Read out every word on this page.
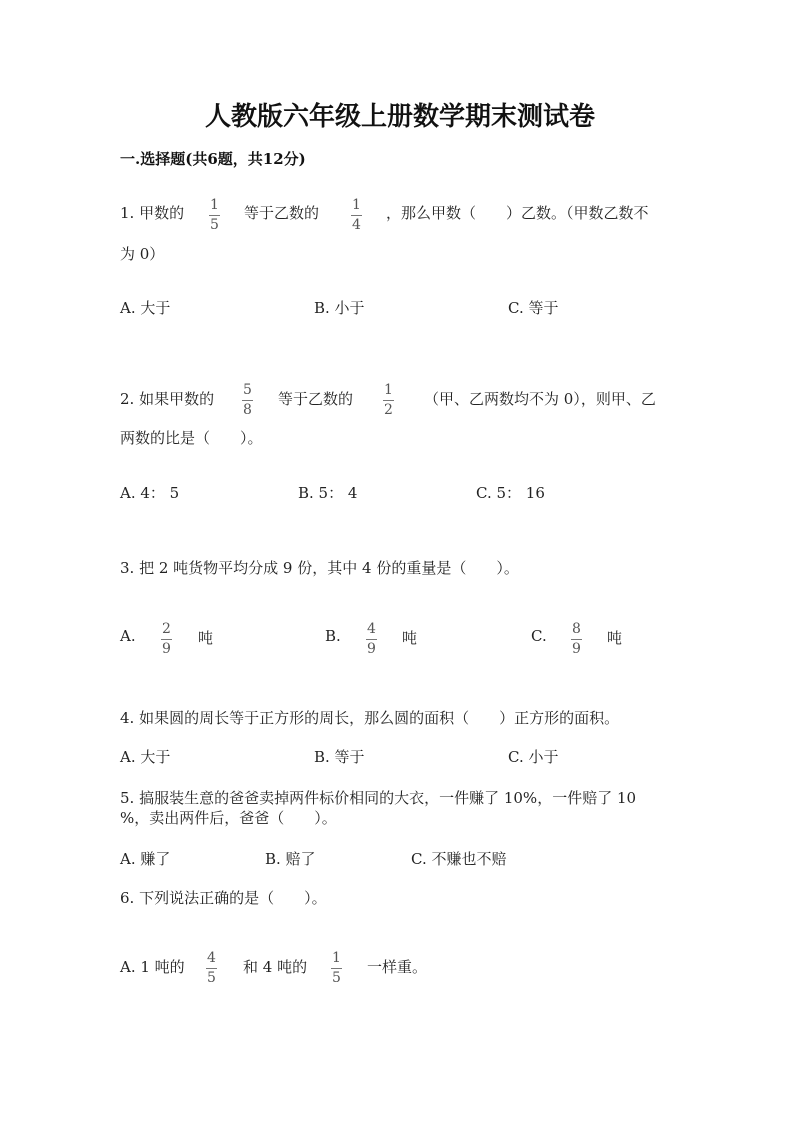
人教版六年级上册数学期末测试卷
一.选择题(共6题，共12分)
1. 甲数的 1
5
等于乙数的 1
4
，那么甲数（　　）乙数。（甲数乙数不
为 0）
A. 大于	B. 小于	C. 等于
2. 如果甲数的 5
8
等于乙数的 1
2
（甲、乙两数均不为 0），则甲、乙
两数的比是（　　）。
A. 4： 5	B. 5： 4	C. 5： 16
3. 把 2 吨货物平均分成 9 份，其中 4 份的重量是（　　）。
A. 2
9
吨	B. 4
9
吨	C. 8
9
吨
4. 如果圆的周长等于正方形的周长，那么圆的面积（　　）正方形的面积。
A. 大于	B. 等于	C. 小于
5. 搞服装生意的爸爸卖掉两件标价相同的大衣，一件赚了 10%，一件赔了 10
%，卖出两件后，爸爸（　　）。
A. 赚了	B. 赔了	C. 不赚也不赔
6. 下列说法正确的是（　　）。
A. 1 吨的 4
5
和 4 吨的 1
5
一样重。
